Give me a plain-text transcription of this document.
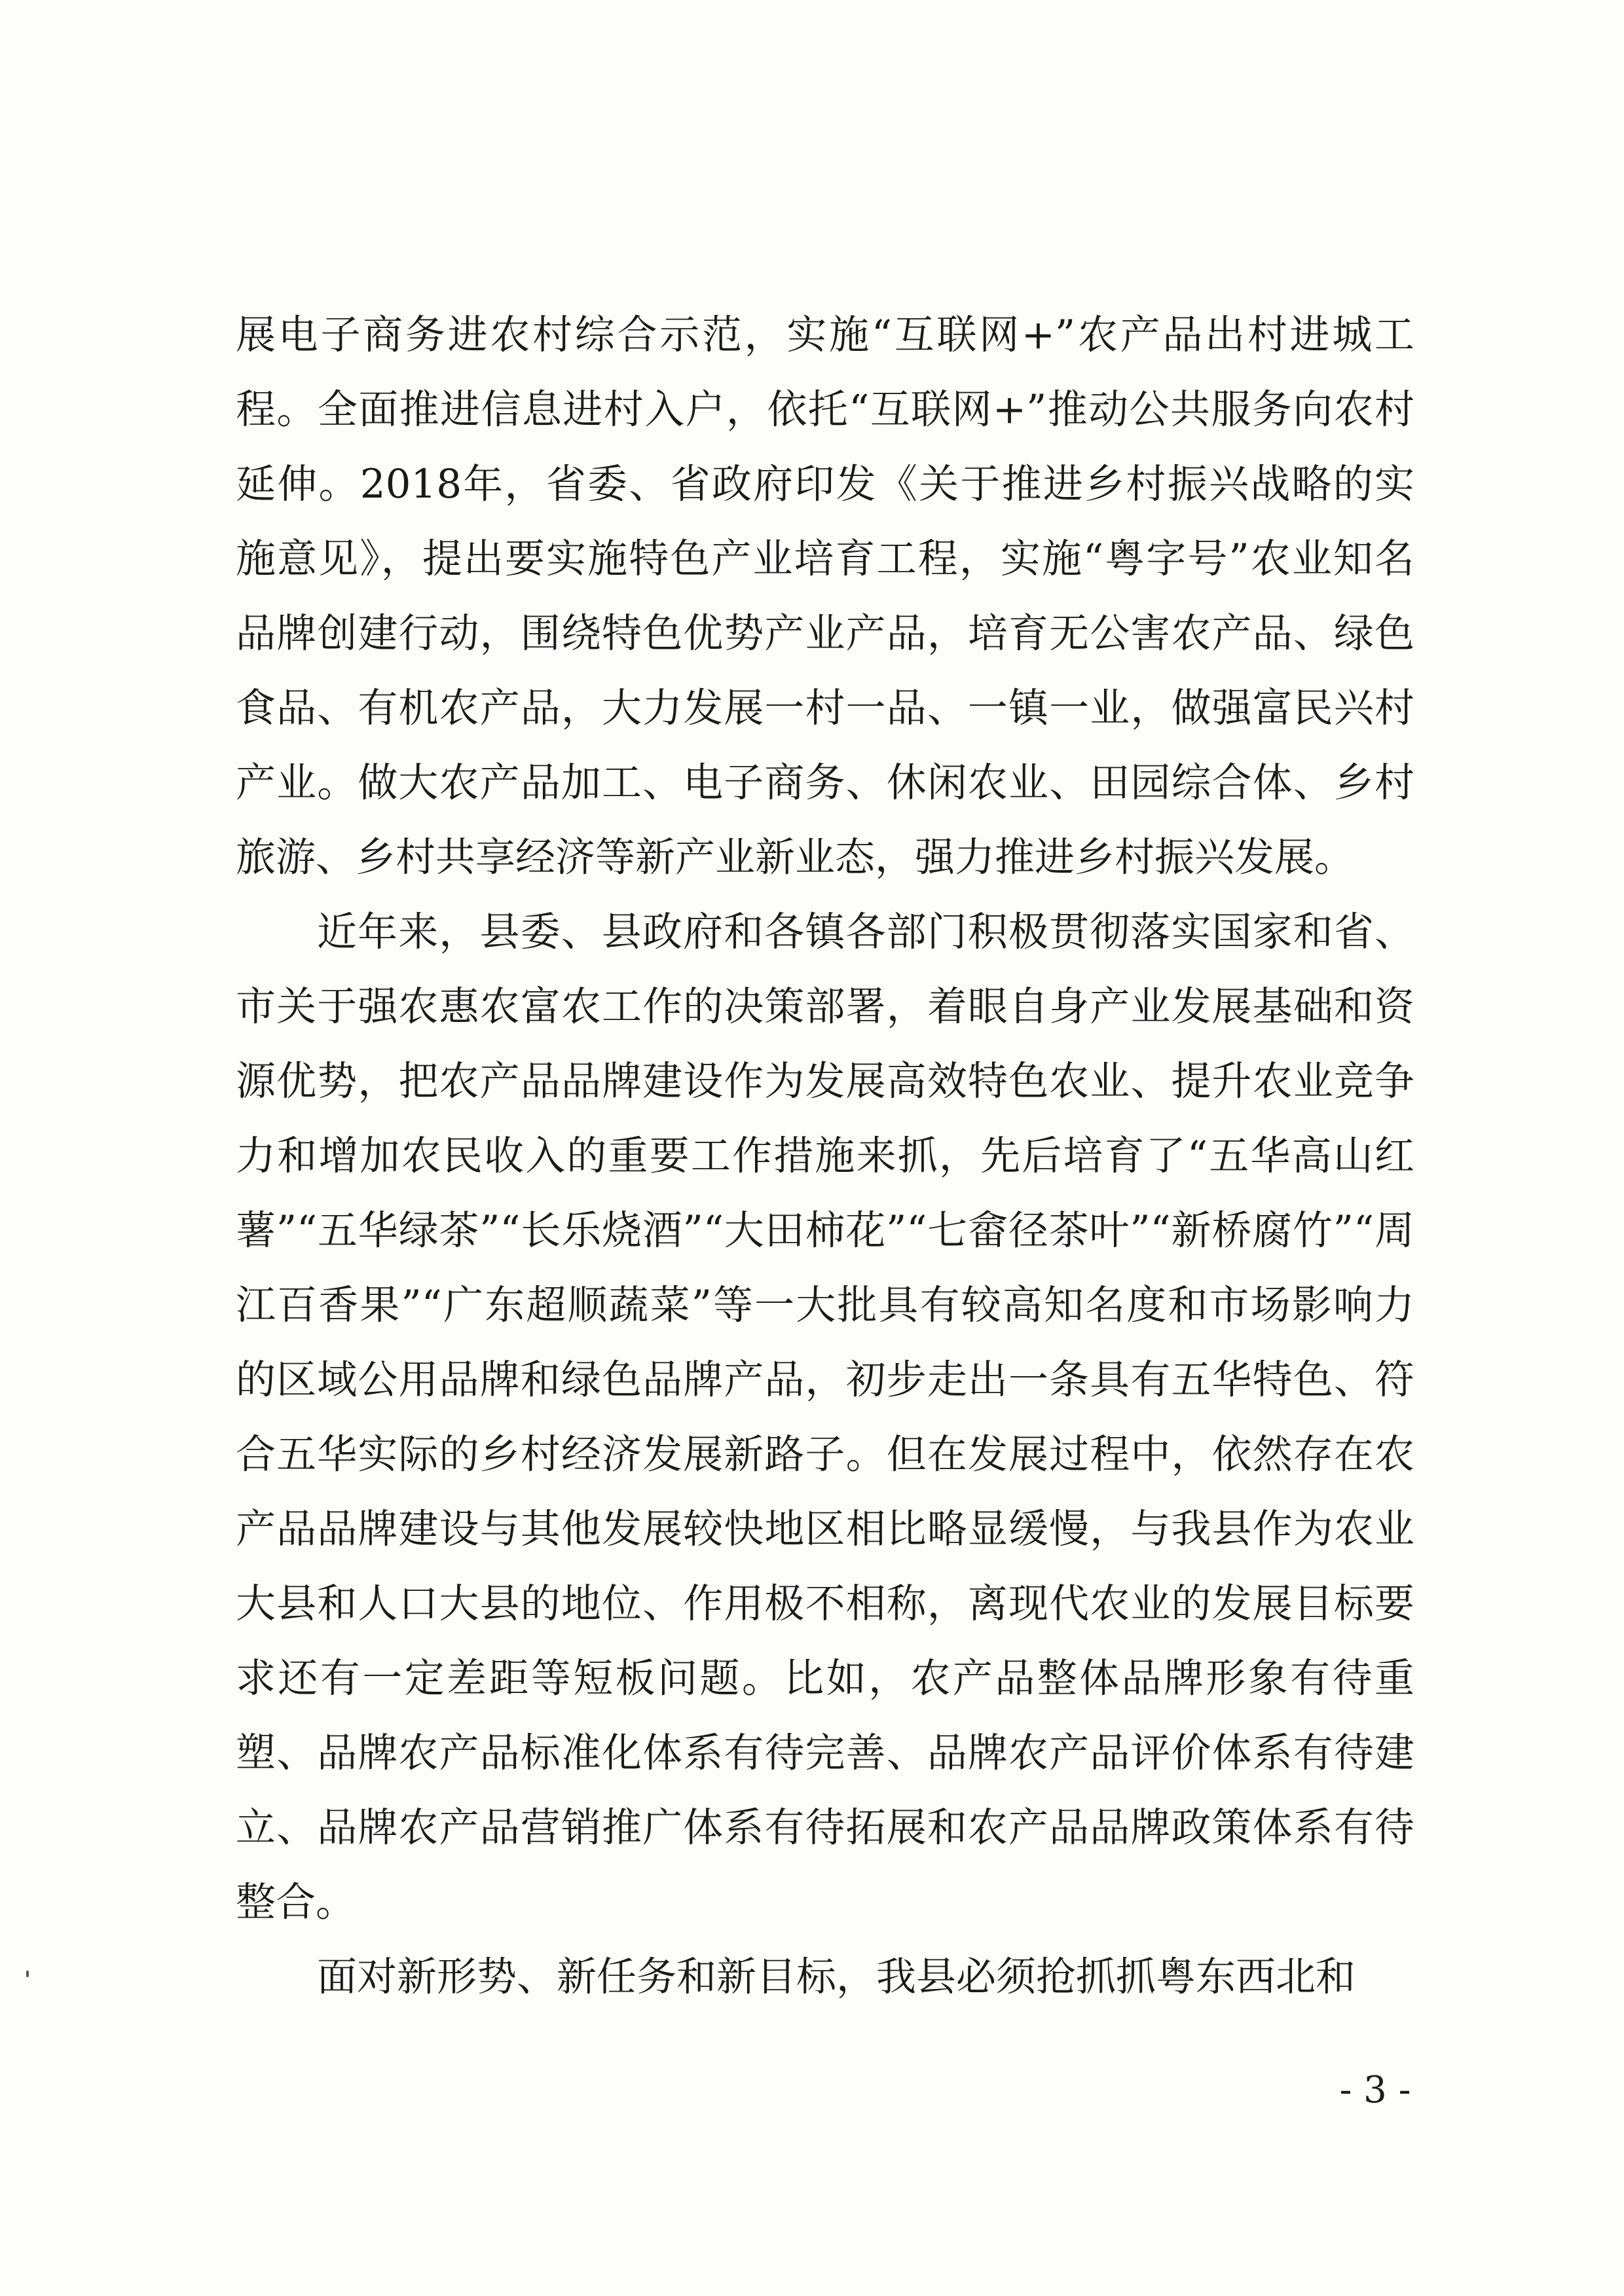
展电子商务进农村综合示范，实施“互联网+”农产品出村进城工程。全面推进信息进村入户，依托“互联网+”推动公共服务向农村延伸。2018年，省委、省政府印发《关于推进乡村振兴战略的实施意见》，提出要实施特色产业培育工程，实施“粤字号”农业知名品牌创建行动，围绕特色优势产业产品，培育无公害农产品、绿色食品、有机农产品，大力发展一村一品、一镇一业，做强富民兴村产业。做大农产品加工、电子商务、休闲农业、田园综合体、乡村旅游、乡村共享经济等新产业新业态，强力推进乡村振兴发展。

近年来，县委、县政府和各镇各部门积极贯彻落实国家和省、市关于强农惠农富农工作的决策部署，着眼自身产业发展基础和资源优势，把农产品品牌建设作为发展高效特色农业、提升农业竞争力和增加农民收入的重要工作措施来抓，先后培育了“五华高山红薯”“五华绿茶”“长乐烧酒”“大田柿花”“七畲径茶叶”“新桥腐竹”“周江百香果”“广东超顺蔬菜”等一大批具有较高知名度和市场影响力的区域公用品牌和绿色品牌产品，初步走出一条具有五华特色、符合五华实际的乡村经济发展新路子。但在发展过程中，依然存在农产品品牌建设与其他发展较快地区相比略显缓慢，与我县作为农业大县和人口大县的地位、作用极不相称，离现代农业的发展目标要求还有一定差距等短板问题。比如，农产品整体品牌形象有待重塑、品牌农产品标准化体系有待完善、品牌农产品评价体系有待建立、品牌农产品营销推广体系有待拓展和农产品品牌政策体系有待整合。

面对新形势、新任务和新目标，我县必须抢抓抓粤东西北和

- 3 -
